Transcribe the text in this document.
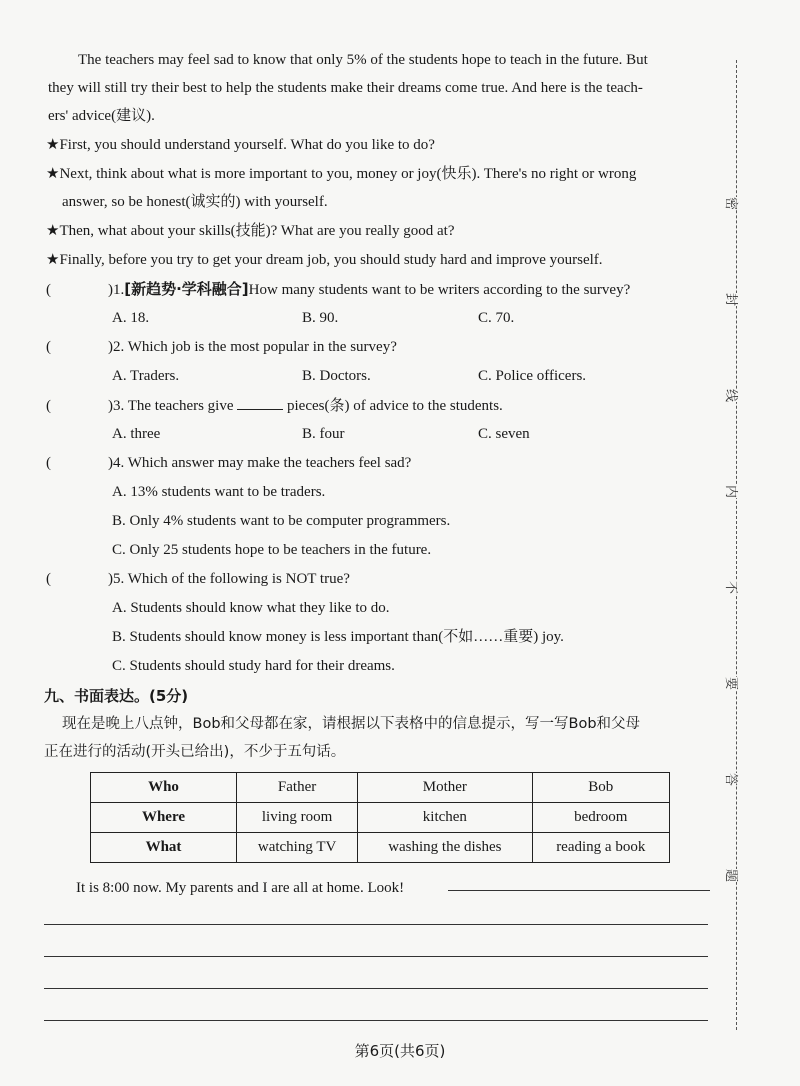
The teachers may feel sad to know that only 5% of the students hope to teach in the future. But
they will still try their best to help the students make their dreams come true. And here is the teach-
ers' advice(建议).
★First, you should understand yourself. What do you like to do?
★Next, think about what is more important to you, money or joy(快乐). There's no right or wrong
answer, so be honest(诚实的) with yourself.
★Then, what about your skills(技能)? What are you really good at?
★Finally, before you try to get your dream job, you should study hard and improve yourself.
(	)1.[新趋势·学科融合]How many students want to be writers according to the survey?
A. 18.	B. 90.	C. 70.
(	)2. Which job is the most popular in the survey?
A. Traders.	B. Doctors.	C. Police officers.
(	)3. The teachers give	pieces(条) of advice to the students.
A. three	B. four	C. seven
(	)4. Which answer may make the teachers feel sad?
A. 13% students want to be traders.
B. Only 4% students want to be computer programmers.
C. Only 25 students hope to be teachers in the future.
(	)5. Which of the following is NOT true?
A. Students should know what they like to do.
B. Students should know money is less important than(不如……重要) joy.
C. Students should study hard for their dreams.
九、书面表达。(5分)
现在是晚上八点钟，Bob和父母都在家，请根据以下表格中的信息提示，写一写Bob和父母
正在进行的活动(开头已给出)，不少于五句话。
Who	Father	Mother	Bob
Where	living room	kitchen	bedroom
What	watching TV	washing the dishes	reading a book
It is 8:00 now. My parents and I are all at home. Look!
密
封
线
内
不
要
答
题
第6页(共6页)
